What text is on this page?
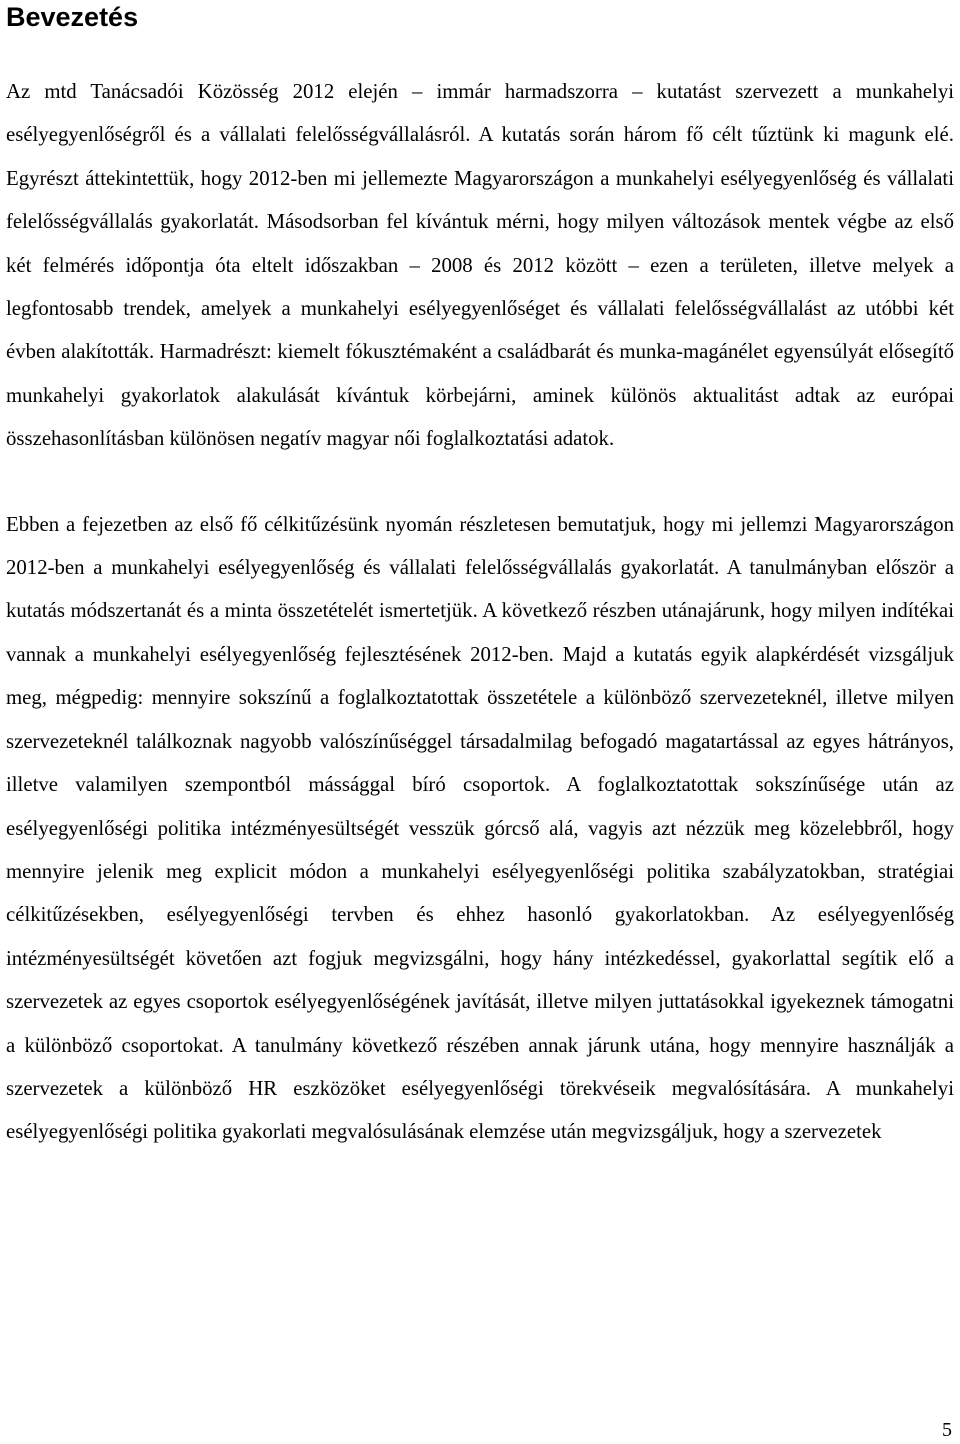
Bevezetés

Az mtd Tanácsadói Közösség 2012 elején – immár harmadszorra – kutatást szervezett a munkahelyi esélyegyenlőségről és a vállalati felelősségvállalásról. A kutatás során három fő célt tűztünk ki magunk elé. Egyrészt áttekintettük, hogy 2012-ben mi jellemezte Magyarországon a munkahelyi esélyegyenlőség és vállalati felelősségvállalás gyakorlatát. Másodsorban fel kívántuk mérni, hogy milyen változások mentek végbe az első két felmérés időpontja óta eltelt időszakban – 2008 és 2012 között – ezen a területen, illetve melyek a legfontosabb trendek, amelyek a munkahelyi esélyegyenlőséget és vállalati felelősségvállalást az utóbbi két évben alakították. Harmadrészt: kiemelt fókusztémaként a családbarát és munka-magánélet egyensúlyát elősegítő munkahelyi gyakorlatok alakulását kívántuk körbejárni, aminek különös aktualitást adtak az európai összehasonlításban különösen negatív magyar női foglalkoztatási adatok.

Ebben a fejezetben az első fő célkitűzésünk nyomán részletesen bemutatjuk, hogy mi jellemzi Magyarországon 2012-ben a munkahelyi esélyegyenlőség és vállalati felelősségvállalás gyakorlatát. A tanulmányban először a kutatás módszertanát és a minta összetételét ismertetjük. A következő részben utánajárunk, hogy milyen indítékai vannak a munkahelyi esélyegyenlőség fejlesztésének 2012-ben. Majd a kutatás egyik alapkérdését vizsgáljuk meg, mégpedig: mennyire sokszínű a foglalkoztatottak összetétele a különböző szervezeteknél, illetve milyen szervezeteknél találkoznak nagyobb valószínűséggel társadalmilag befogadó magatartással az egyes hátrányos, illetve valamilyen szempontból mássággal bíró csoportok. A foglalkoztatottak sokszínűsége után az esélyegyenlőségi politika intézményesültségét vesszük górcső alá, vagyis azt nézzük meg közelebbről, hogy mennyire jelenik meg explicit módon a munkahelyi esélyegyenlőségi politika szabályzatokban, stratégiai célkitűzésekben, esélyegyenlőségi tervben és ehhez hasonló gyakorlatokban. Az esélyegyenlőség intézményesültségét követően azt fogjuk megvizsgálni, hogy hány intézkedéssel, gyakorlattal segítik elő a szervezetek az egyes csoportok esélyegyenlőségének javítását, illetve milyen juttatásokkal igyekeznek támogatni a különböző csoportokat. A tanulmány következő részében annak járunk utána, hogy mennyire használják a szervezetek a különböző HR eszközöket esélyegyenlőségi törekvéseik megvalósítására. A munkahelyi esélyegyenlőségi politika gyakorlati megvalósulásának elemzése után megvizsgáljuk, hogy a szervezetek

5
